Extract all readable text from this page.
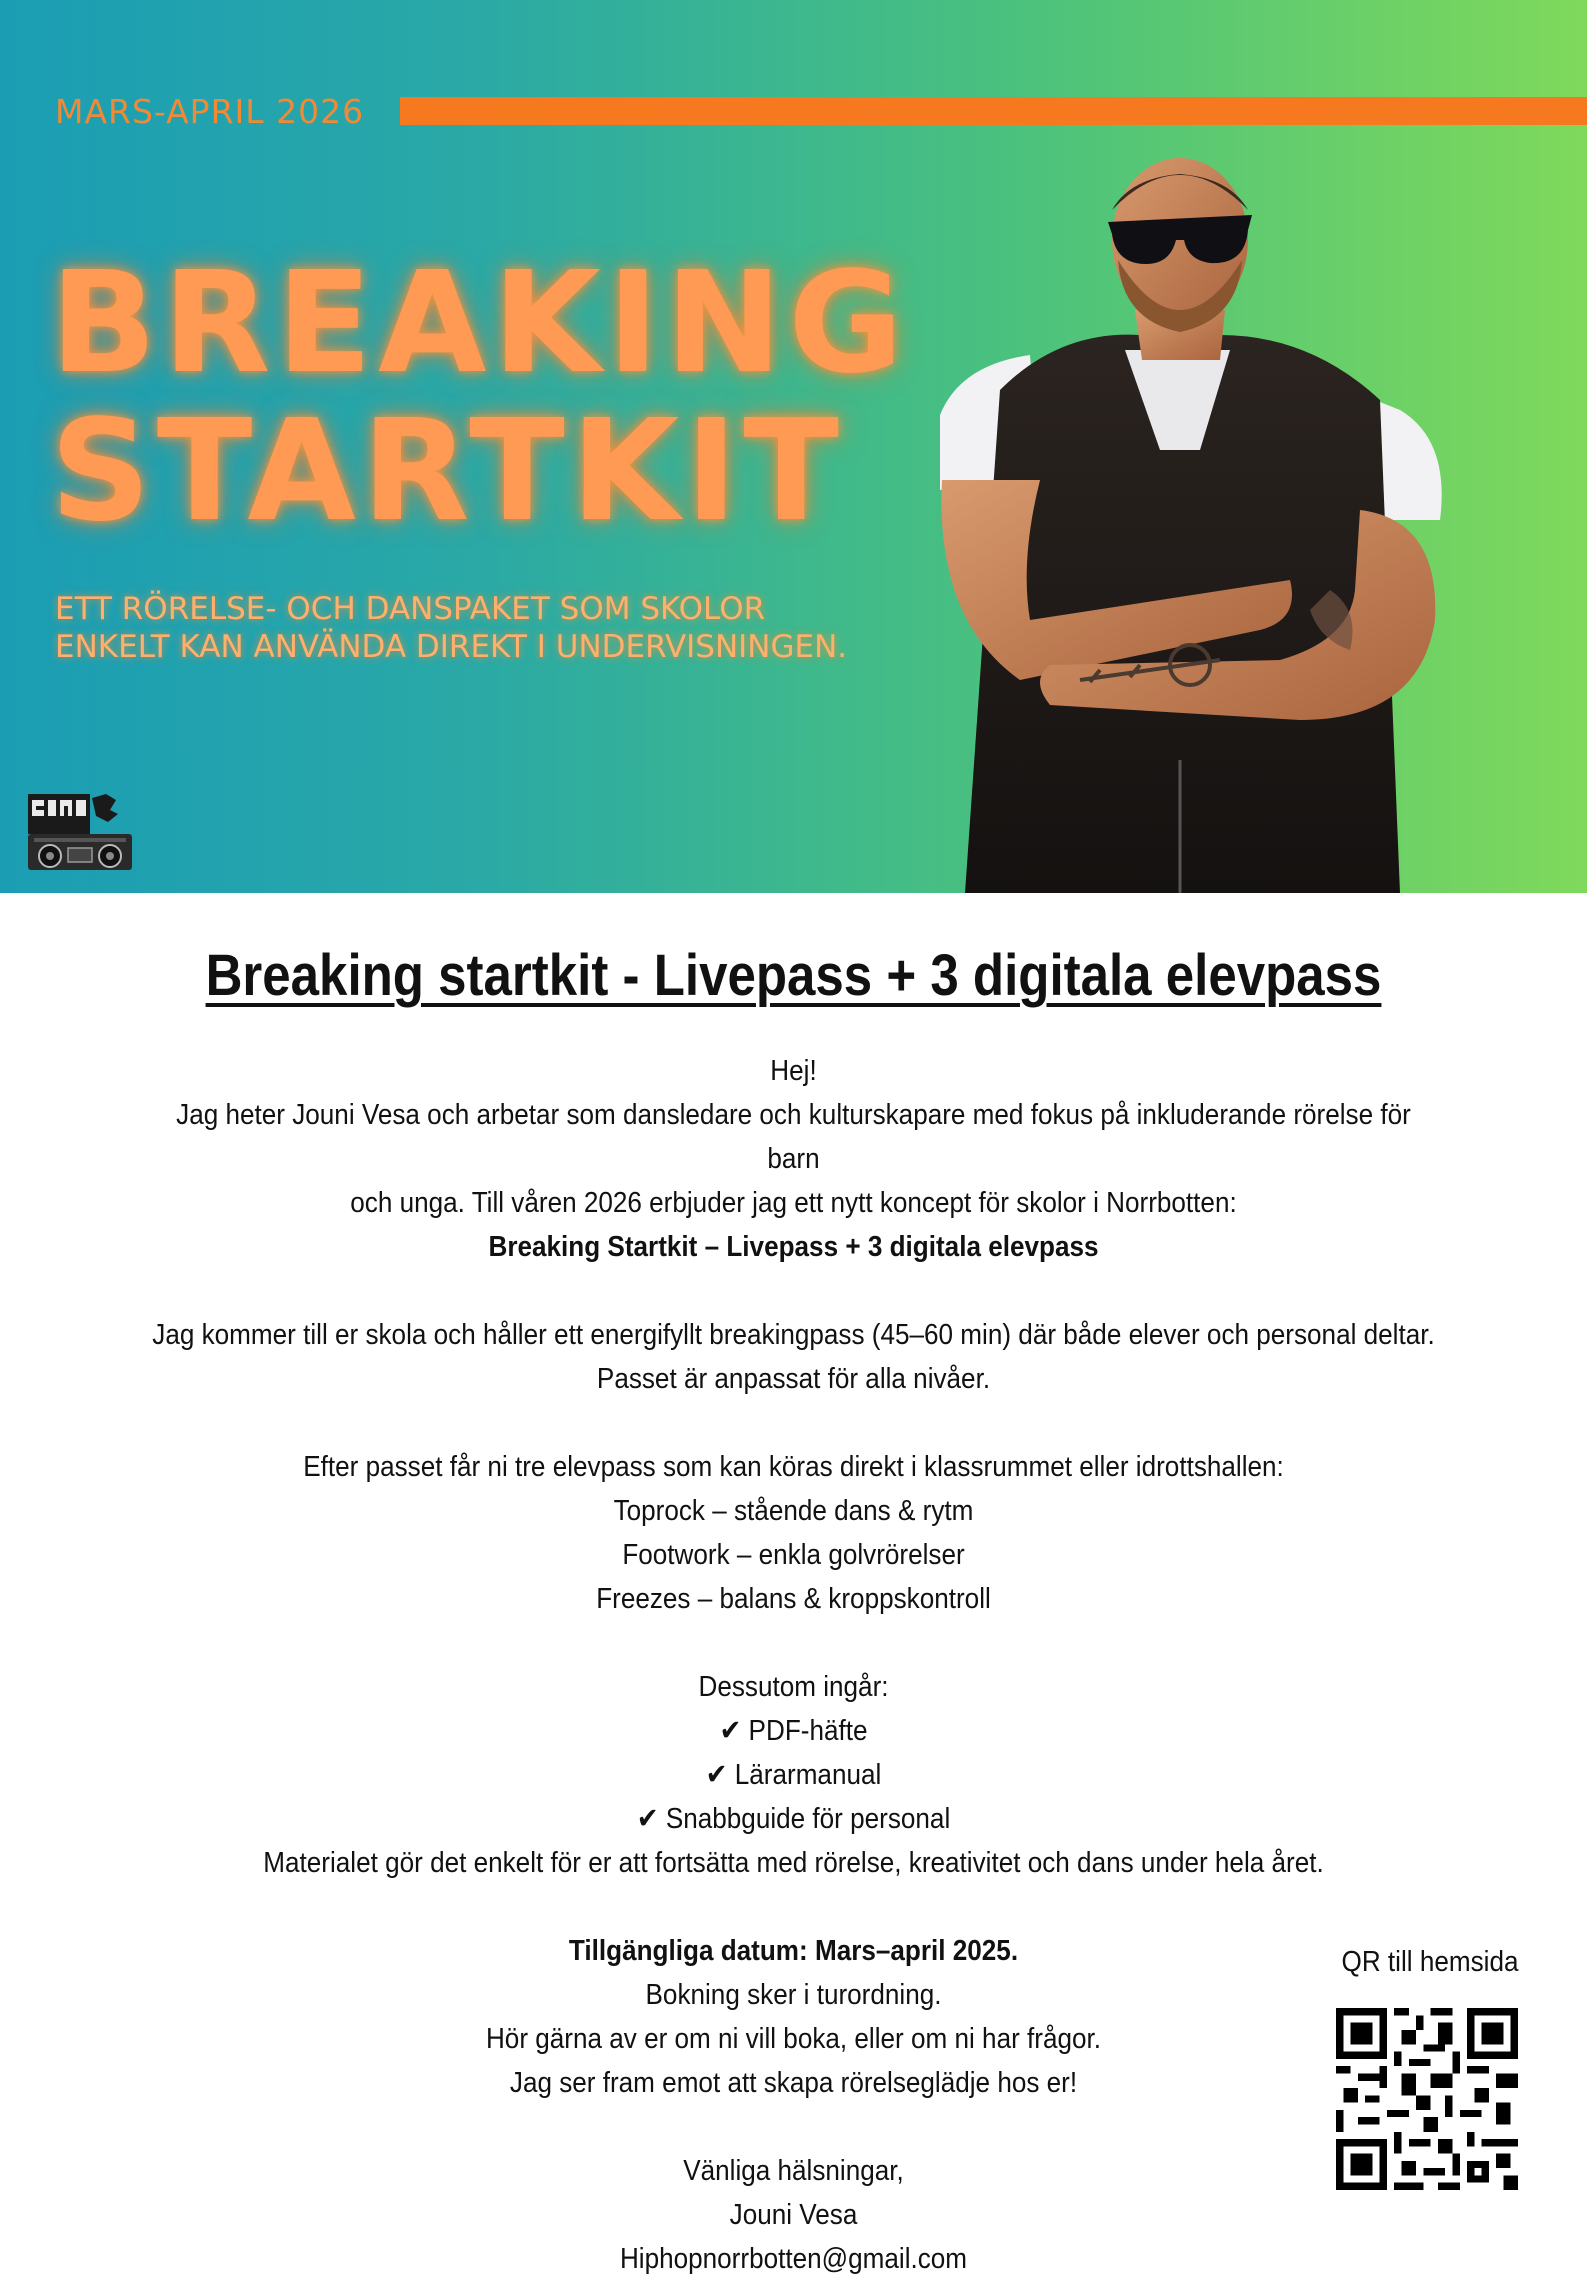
MARS-APRIL 2026
BREAKING
STARTKIT
ETT RÖRELSE- OCH DANSPAKET SOM SKOLOR ENKELT KAN ANVÄNDA DIREKT I UNDERVISNINGEN.
Breaking startkit - Livepass + 3 digitala elevpass

Hej!

Jag heter Jouni Vesa och arbetar som dansledare och kulturskapare med fokus på inkluderande rörelse för barn

och unga. Till våren 2026 erbjuder jag ett nytt koncept för skolor i Norrbotten:

Breaking Startkit – Livepass + 3 digitala elevpass

Jag kommer till er skola och håller ett energifyllt breakingpass (45–60 min) där både elever och personal deltar.

Passet är anpassat för alla nivåer.

Efter passet får ni tre elevpass som kan köras direkt i klassrummet eller idrottshallen:

Toprock – stående dans & rytm

Footwork – enkla golvrörelser

Freezes – balans & kroppskontroll

Dessutom ingår:

✔ PDF-häfte

✔ Lärarmanual

✔ Snabbguide för personal

Materialet gör det enkelt för er att fortsätta med rörelse, kreativitet och dans under hela året.

Tillgängliga datum: Mars–april 2025.

Bokning sker i turordning.

Hör gärna av er om ni vill boka, eller om ni har frågor.

Jag ser fram emot att skapa rörelseglädje hos er!

Vänliga hälsningar,

Jouni Vesa

Hiphopnorrbotten@gmail.com

QR till hemsida
